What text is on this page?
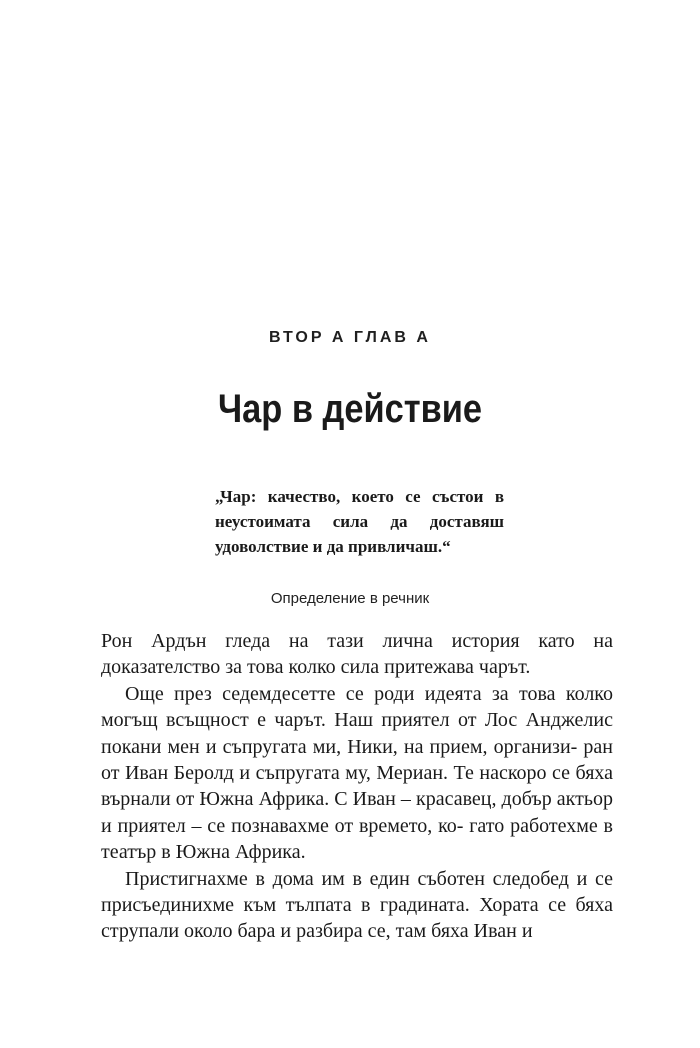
ВТОР А ГЛАВ А
Чар в действие
„Чар: качество, което се състои в неустоимата сила да доставяш удоволствие и да привличаш.“
Определение в речник

Рон Ардън гледа на тази лична история като на доказателство за това колко сила притежава чарът.

Още през седемдесетте се роди идеята за това колко могъщ всъщност е чарът. Наш приятел от Лос Анджелис покани мен и съпругата ми, Ники, на прием, организи- ран от Иван Беролд и съпругата му, Мериан. Те наскоро се бяха върнали от Южна Африка. С Иван – красавец, добър актьор и приятел – се познавахме от времето, ко- гато работехме в театър в Южна Африка.

Пристигнахме в дома им в един съботен следобед и се присъединихме към тълпата в градината. Хората се бяха струпали около бара и разбира се, там бяха Иван и
